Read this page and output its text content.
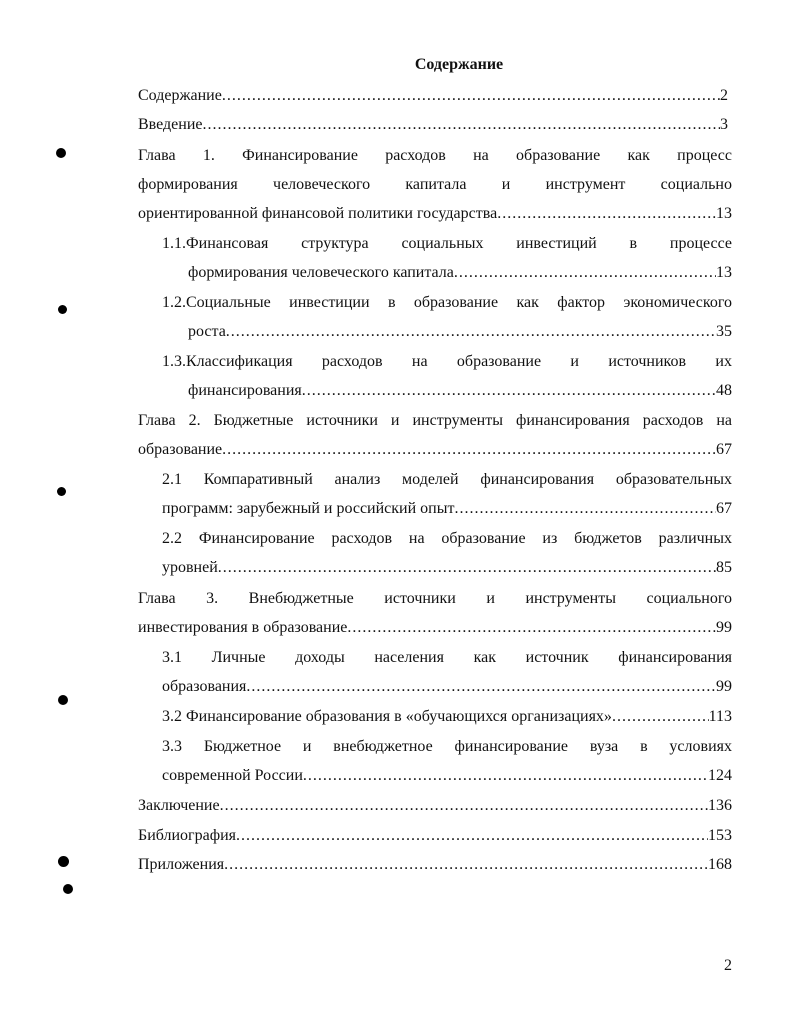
Содержание
Содержание .....	2
Введение .....	3
Глава 1. Финансирование расходов на образование как процесс
формирования человеческого капитала и инструмент социально
ориентированной финансовой политики государства .....	13
1.1.Финансовая структура социальных инвестиций в процессе
формирования человеческого капитала .....	13
1.2.Социальные инвестиции в образование как фактор экономического
роста .....	35
1.3.Классификация расходов на образование и источников их
финансирования .....	48
Глава 2. Бюджетные источники и инструменты финансирования расходов на
образование .....	67
2.1 Компаративный анализ моделей финансирования образовательных
программ: зарубежный и российский опыт .....	67
2.2 Финансирование расходов на образование из бюджетов различных
уровней .....	85
Глава 3. Внебюджетные источники и инструменты социального
инвестирования в образование .....	99
3.1 Личные доходы населения как источник финансирования
образования .....	99
3.2 Финансирование образования в «обучающихся организациях» .....	113
3.3 Бюджетное и внебюджетное финансирование вуза в условиях
современной России .....	124
Заключение .....	136
Библиография .....	153
Приложения .....	168
2
